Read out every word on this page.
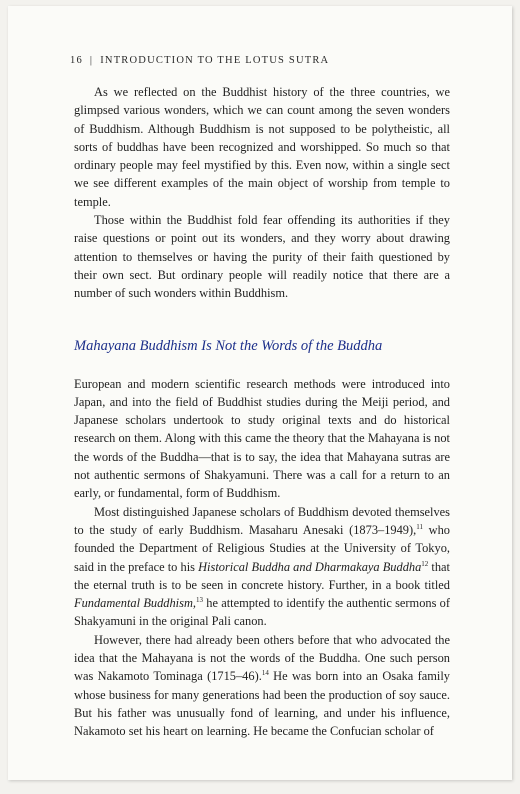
16 | INTRODUCTION TO THE LOTUS SUTRA

As we reflected on the Buddhist history of the three countries, we glimpsed various wonders, which we can count among the seven wonders of Buddhism. Although Buddhism is not supposed to be polytheistic, all sorts of buddhas have been recognized and worshipped. So much so that ordinary people may feel mystified by this. Even now, within a single sect we see different examples of the main object of worship from temple to temple.

Those within the Buddhist fold fear offending its authorities if they raise questions or point out its wonders, and they worry about drawing attention to themselves or having the purity of their faith questioned by their own sect. But ordinary people will readily notice that there are a number of such wonders within Buddhism.

Mahayana Buddhism Is Not the Words of the Buddha

European and modern scientific research methods were introduced into Japan, and into the field of Buddhist studies during the Meiji period, and Japanese scholars undertook to study original texts and do historical research on them. Along with this came the theory that the Mahayana is not the words of the Buddha—that is to say, the idea that Mahayana sutras are not authentic sermons of Shakyamuni. There was a call for a return to an early, or fundamental, form of Buddhism.

Most distinguished Japanese scholars of Buddhism devoted themselves to the study of early Buddhism. Masaharu Anesaki (1873–1949),$^{11}$ who founded the Department of Religious Studies at the University of Tokyo, said in the preface to his Historical Buddha and Dharmakaya Buddha$^{12}$ that the eternal truth is to be seen in concrete history. Further, in a book titled Fundamental Buddhism,$^{13}$ he attempted to identify the authentic sermons of Shakyamuni in the original Pali canon.

However, there had already been others before that who advocated the idea that the Mahayana is not the words of the Buddha. One such person was Nakamoto Tominaga (1715–46).$^{14}$ He was born into an Osaka family whose business for many generations had been the production of soy sauce. But his father was unusually fond of learning, and under his influence, Nakamoto set his heart on learning. He became the Confucian scholar of
